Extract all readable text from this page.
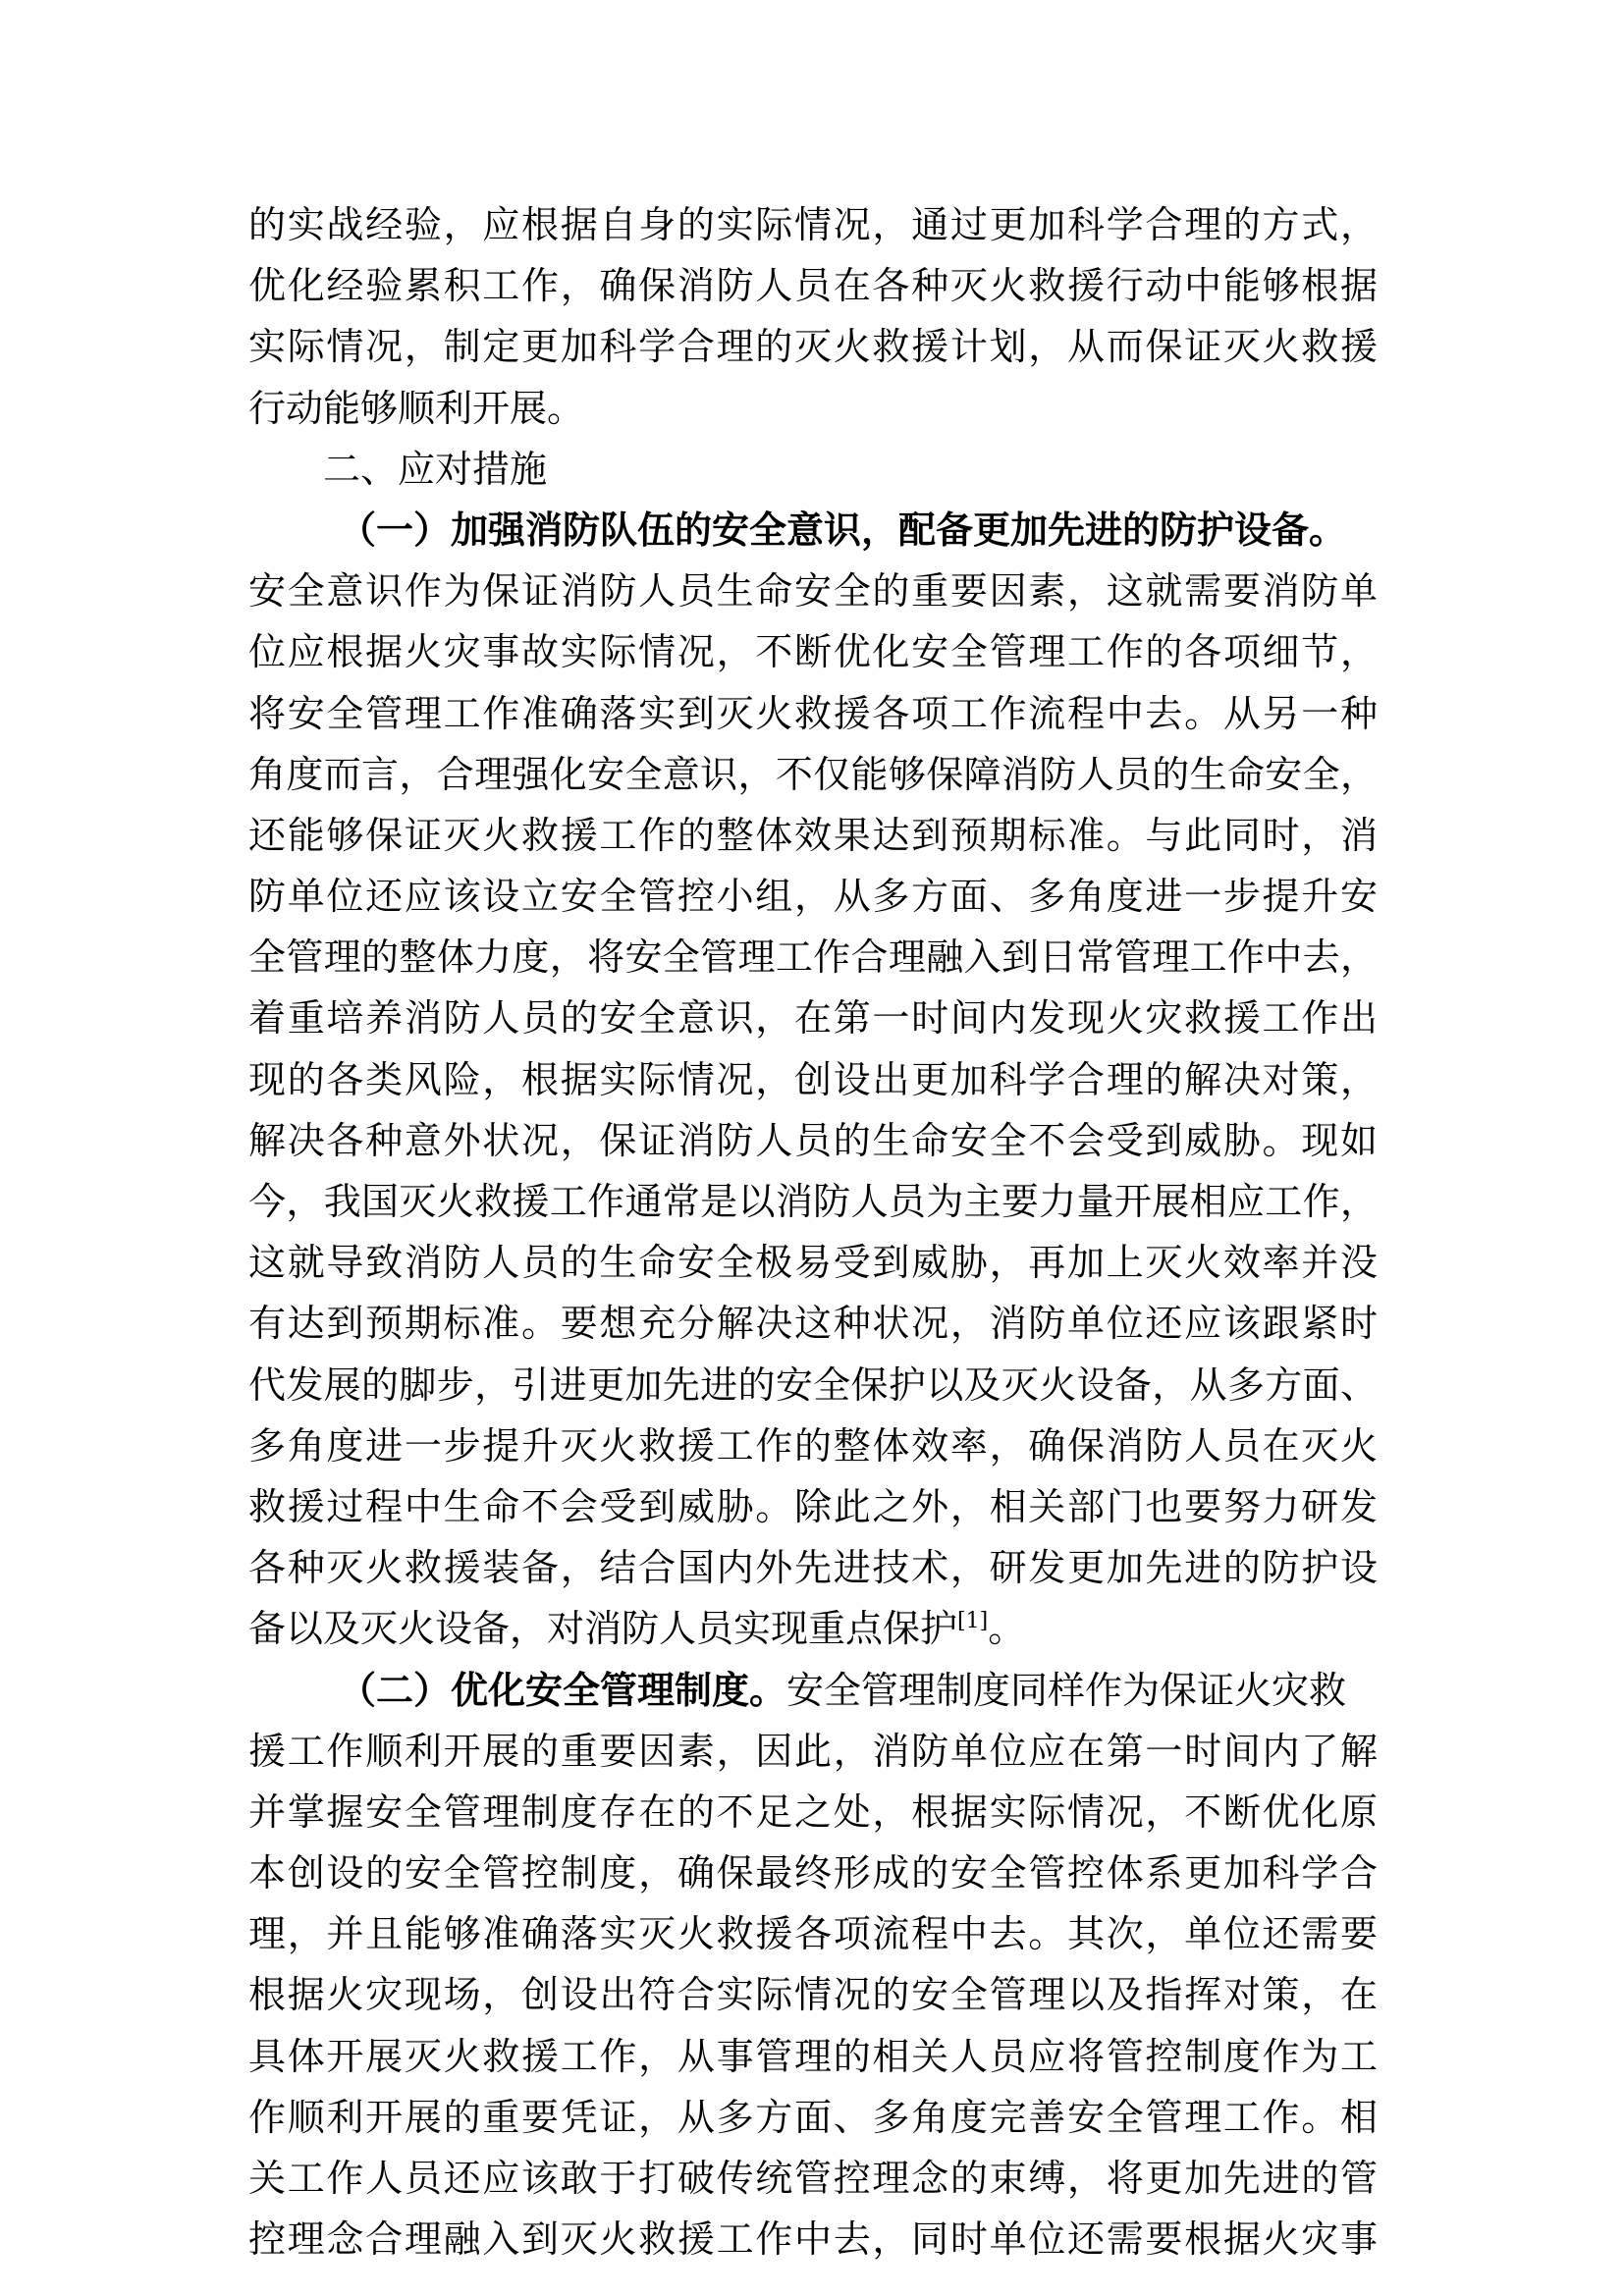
的实战经验，应根据自身的实际情况，通过更加科学合理的方式，
优化经验累积工作，确保消防人员在各种灭火救援行动中能够根据
实际情况，制定更加科学合理的灭火救援计划，从而保证灭火救援
行动能够顺利开展。
二、应对措施
（一）加强消防队伍的安全意识，配备更加先进的防护设备。
安全意识作为保证消防人员生命安全的重要因素，这就需要消防单
位应根据火灾事故实际情况，不断优化安全管理工作的各项细节，
将安全管理工作准确落实到灭火救援各项工作流程中去。从另一种
角度而言，合理强化安全意识，不仅能够保障消防人员的生命安全，
还能够保证灭火救援工作的整体效果达到预期标准。与此同时，消
防单位还应该设立安全管控小组，从多方面、多角度进一步提升安
全管理的整体力度，将安全管理工作合理融入到日常管理工作中去，
着重培养消防人员的安全意识，在第一时间内发现火灾救援工作出
现的各类风险，根据实际情况，创设出更加科学合理的解决对策，
解决各种意外状况，保证消防人员的生命安全不会受到威胁。现如
今，我国灭火救援工作通常是以消防人员为主要力量开展相应工作，
这就导致消防人员的生命安全极易受到威胁，再加上灭火效率并没
有达到预期标准。要想充分解决这种状况，消防单位还应该跟紧时
代发展的脚步，引进更加先进的安全保护以及灭火设备，从多方面、
多角度进一步提升灭火救援工作的整体效率，确保消防人员在灭火
救援过程中生命不会受到威胁。除此之外，相关部门也要努力研发
各种灭火救援装备，结合国内外先进技术，研发更加先进的防护设
备以及灭火设备，对消防人员实现重点保护[1]。
（二）优化安全管理制度。安全管理制度同样作为保证火灾救
援工作顺利开展的重要因素，因此，消防单位应在第一时间内了解
并掌握安全管理制度存在的不足之处，根据实际情况，不断优化原
本创设的安全管控制度，确保最终形成的安全管控体系更加科学合
理，并且能够准确落实灭火救援各项流程中去。其次，单位还需要
根据火灾现场，创设出符合实际情况的安全管理以及指挥对策，在
具体开展灭火救援工作，从事管理的相关人员应将管控制度作为工
作顺利开展的重要凭证，从多方面、多角度完善安全管理工作。相
关工作人员还应该敢于打破传统管控理念的束缚，将更加先进的管
控理念合理融入到灭火救援工作中去，同时单位还需要根据火灾事
